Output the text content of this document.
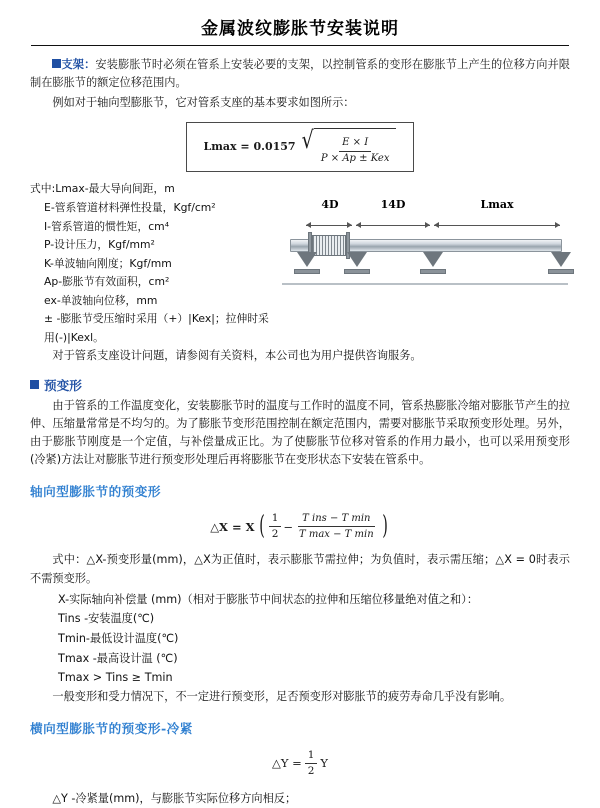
金属波纹膨胀节安装说明

支架：安装膨胀节时必须在管系上安装必要的支架，以控制管系的变形在膨胀节上产生的位移方向并限制在膨胀节的额定位移范围内。

例如对于轴向型膨胀节，它对管系支座的基本要求如图所示：

Lmax = 0.0157 √ $\frac{E \times I}{\text{P × Ap ± Kex}}$
式中:Lmax-最大导向间距，m
E-管系管道材料弹性投量，Kgf/cm²
I-管系管道的惯性矩，cm⁴
P-设计压力，Kgf/mm²
K-单波轴向刚度；Kgf/mm
Ap-膨胀节有效面积，cm²
ex-单波轴向位移，mm
± -膨胀节受压缩时采用（+）|Kex|；拉伸时采用(-)|Kexl。
4D	14D	Lmax

对于管系支座设计问题，请参阅有关资料，本公司也为用户提供咨询服务。

预变形

由于管系的工作温度变化，安装膨胀节时的温度与工作时的温度不同，管系热膨胀冷缩对膨胀节产生的拉伸、压缩量常常是不均匀的。为了膨胀节变形范围控制在额定范围内，需要对膨胀节采取预变形处理。另外，由于膨胀节刚度是一个定值，与补偿量成正比。为了使膨胀节位移对管系的作用力最小，也可以采用预变形(冷紧)方法让对膨胀节进行预变形处理后再将膨胀节在变形状态下安装在管系中。

轴向型膨胀节的预变形
△X = X ( $\frac{1}{2} - \frac{\text{T ins − T min}}{\text{T max − T min}}$ )

式中：△X-预变形量(mm)，△X为正值时，表示膨胀节需拉伸；为负值时，表示需压缩；△X = 0时表示不需预变形。

X-实际轴向补偿量 (mm)（相对于膨胀节中间状态的拉伸和压缩位移量绝对值之和）：
Tins -安装温度(℃)
Tmin-最低设计温度(℃)
Tmax -最高设计温 (℃)
Tmax > Tins ≥ Tmin

一般变形和受力情况下，不一定进行预变形，足否预变形对膨胀节的疲劳寿命几乎没有影响。

横向型膨胀节的预变形-冷紧
△Y = $\frac{1}{2}$ Y

△Y -冷紧量(mm)，与膨胀节实际位移方向相反；
